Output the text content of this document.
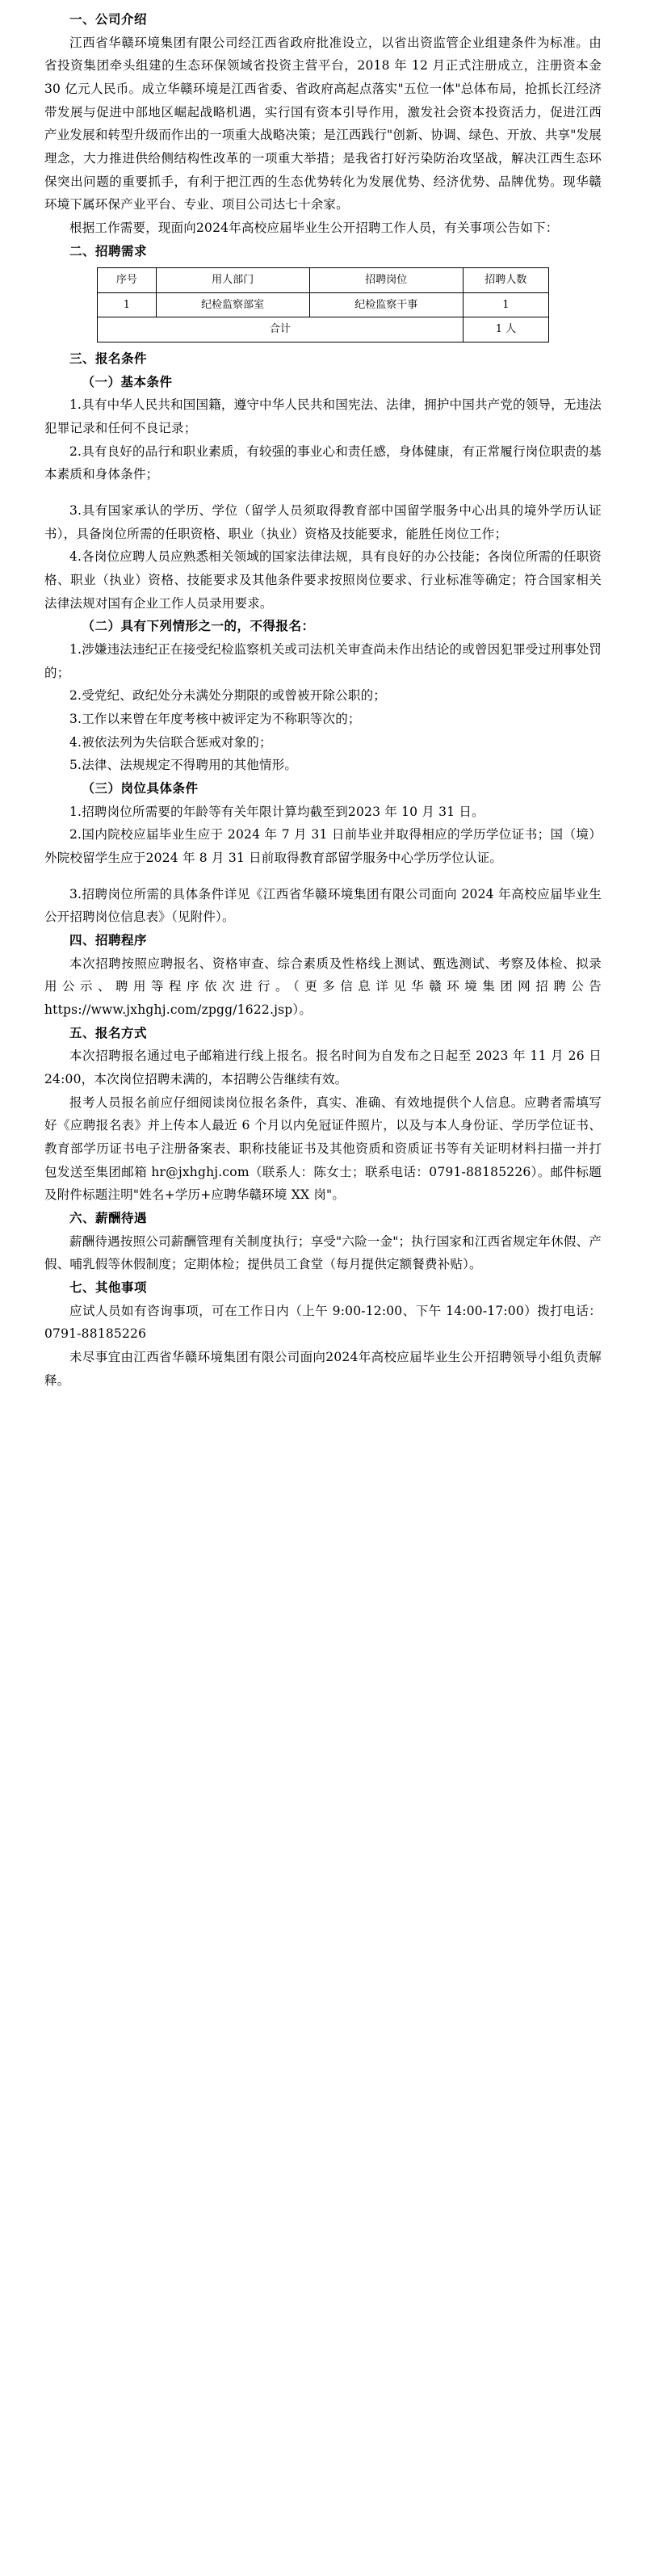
一、公司介绍

江西省华赣环境集团有限公司经江西省政府批准设立，以省出资监管企业组建条件为标准。由省投资集团牵头组建的生态环保领域省投资主营平台，2018 年 12 月正式注册成立，注册资本金 30 亿元人民币。成立华赣环境是江西省委、省政府高起点落实"五位一体"总体布局，抢抓长江经济带发展与促进中部地区崛起战略机遇，实行国有资本引导作用，激发社会资本投资活力，促进江西产业发展和转型升级而作出的一项重大战略决策；是江西践行"创新、协调、绿色、开放、共享"发展理念，大力推进供给侧结构性改革的一项重大举措；是我省打好污染防治攻坚战，解决江西生态环保突出问题的重要抓手，有利于把江西的生态优势转化为发展优势、经济优势、品牌优势。现华赣环境下属环保产业平台、专业、项目公司达七十余家。

根据工作需要，现面向2024年高校应届毕业生公开招聘工作人员，有关事项公告如下：

二、招聘需求
序号	用人部门	招聘岗位	招聘人数
1	纪检监察部室	纪检监察干事	1
合计			1 人
三、报名条件
（一）基本条件

1.具有中华人民共和国国籍，遵守中华人民共和国宪法、法律，拥护中国共产党的领导，无违法犯罪记录和任何不良记录；

2.具有良好的品行和职业素质，有较强的事业心和责任感，身体健康，有正常履行岗位职责的基本素质和身体条件；

3.具有国家承认的学历、学位（留学人员须取得教育部中国留学服务中心出具的境外学历认证书），具备岗位所需的任职资格、职业（执业）资格及技能要求，能胜任岗位工作；

4.各岗位应聘人员应熟悉相关领域的国家法律法规，具有良好的办公技能；各岗位所需的任职资格、职业（执业）资格、技能要求及其他条件要求按照岗位要求、行业标准等确定；符合国家相关法律法规对国有企业工作人员录用要求。

（二）具有下列情形之一的，不得报名：

1.涉嫌违法违纪正在接受纪检监察机关或司法机关审查尚未作出结论的或曾因犯罪受过刑事处罚的；

2.受党纪、政纪处分未满处分期限的或曾被开除公职的；

3.工作以来曾在年度考核中被评定为不称职等次的；

4.被依法列为失信联合惩戒对象的；

5.法律、法规规定不得聘用的其他情形。

（三）岗位具体条件

1.招聘岗位所需要的年龄等有关年限计算均截至到2023 年 10 月 31 日。

2.国内院校应届毕业生应于 2024 年 7 月 31 日前毕业并取得相应的学历学位证书；国（境）外院校留学生应于2024 年 8 月 31 日前取得教育部留学服务中心学历学位认证。

3.招聘岗位所需的具体条件详见《江西省华赣环境集团有限公司面向 2024 年高校应届毕业生公开招聘岗位信息表》（见附件）。

四、招聘程序

本次招聘按照应聘报名、资格审查、综合素质及性格线上测试、甄选测试、考察及体检、拟录用公示、聘用等程序依次进行。（更多信息详见华赣环境集团网招聘公告 https://www.jxhghj.com/zpgg/1622.jsp）。

五、报名方式

本次招聘报名通过电子邮箱进行线上报名。报名时间为自发布之日起至 2023 年 11 月 26 日 24:00，本次岗位招聘未满的，本招聘公告继续有效。

报考人员报名前应仔细阅读岗位报名条件，真实、准确、有效地提供个人信息。应聘者需填写好《应聘报名表》并上传本人最近 6 个月以内免冠证件照片，以及与本人身份证、学历学位证书、教育部学历证书电子注册备案表、职称技能证书及其他资质和资质证书等有关证明材料扫描一并打包发送至集团邮箱 hr@jxhghj.com（联系人：陈女士；联系电话：0791-88185226）。邮件标题及附件标题注明"姓名+学历+应聘华赣环境 XX 岗"。

六、薪酬待遇

薪酬待遇按照公司薪酬管理有关制度执行；享受"六险一金"；执行国家和江西省规定年休假、产假、哺乳假等休假制度；定期体检；提供员工食堂（每月提供定额餐费补贴）。

七、其他事项

应试人员如有咨询事项，可在工作日内（上午 9:00-12:00、下午 14:00-17:00）拨打电话：0791-88185226

未尽事宜由江西省华赣环境集团有限公司面向2024年高校应届毕业生公开招聘领导小组负责解释。
